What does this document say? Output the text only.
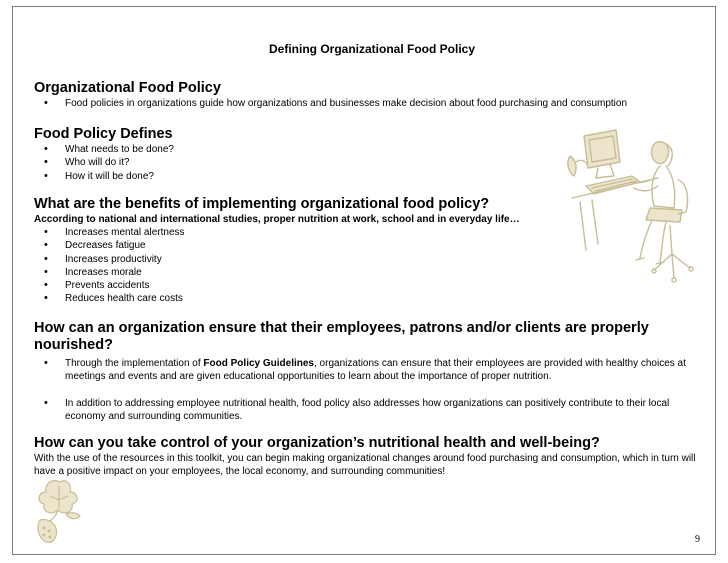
Defining Organizational Food Policy

Organizational Food Policy

• Food policies in organizations guide how organizations and businesses make decision about food purchasing and consumption

Food Policy Defines

• What needs to be done?
• Who will do it?
• How it will be done?

What are the benefits of implementing organizational food policy?

According to national and international studies, proper nutrition at work, school and in everyday life…
• Increases mental alertness
• Decreases fatigue
• Increases productivity
• Increases morale
• Prevents accidents
• Reduces health care costs

How can an organization ensure that their employees, patrons and/or clients are properly
nourished?

• Through the implementation of Food Policy Guidelines, organizations can ensure that their employees are provided with healthy choices at meetings and events and are given educational opportunities to learn about the importance of proper nutrition.
• In addition to addressing employee nutritional health, food policy also addresses how organizations can positively contribute to their local economy and surrounding communities.

How can you take control of your organization’s nutritional health and well-being?

With the use of the resources in this toolkit, you can begin making organizational changes around food purchasing and consumption, which in turn will have a positive impact on your employees, the local economy, and surrounding communities!
9
